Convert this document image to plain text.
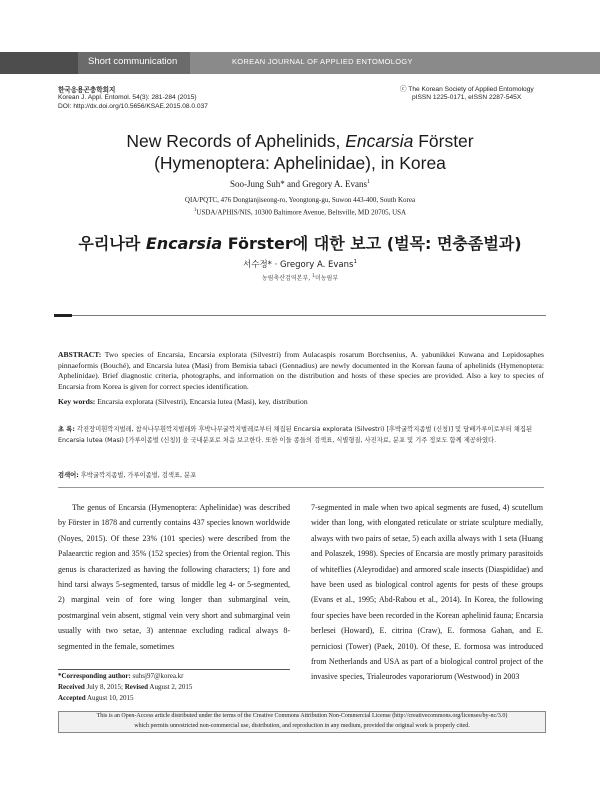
Short communication	KOREAN JOURNAL OF APPLIED ENTOMOLOGY
한국응용곤충학회지
Korean J. Appl. Entomol. 54(3): 281-284 (2015)
DOI: http://dx.doi.org/10.5656/KSAE.2015.08.0.037
ⓒ The Korean Society of Applied Entomology
pISSN 1225-0171, eISSN 2287-545X
New Records of Aphelinids, Encarsia Förster
(Hymenoptera: Aphelinidae), in Korea
Soo-Jung Suh* and Gregory A. Evans$^1$
QIA/PQTC, 476 Dongtanjiseong-ro, Yeongtong-gu, Suwon 443-400, South Korea
$^1$USDA/APHIS/NIS, 10300 Baltimore Avenue, Beltsville, MD 20705, USA
우리나라 Encarsia Förster에 대한 보고 (벌목: 면충좀벌과)
서수정* · Gregory A. Evans$^1$
농림축산검역본부, $^1$미농림부

ABSTRACT: Two species of Encarsia, Encarsia explorata (Silvestri) from Aulacaspis rosarum Borchsenius, A. yabunikkei Kuwana and Lepidosaphes pinnaeformis (Bouché), and Encarsia lutea (Masi) from Bemisia tabaci (Gennadius) are newly documented in the Korean fauna of aphelinids (Hymenoptera: Aphelinidae). Brief diagnostic criteria, photographs, and information on the distribution and hosts of these species are provided. Also a key to species of Encarsia from Korea is given for correct species identification.

Key words: Encarsia explorata (Silvestri), Encarsia lutea (Masi), key, distribution

초 록: 각진장미흰깍지벌레, 참식나무흰깍지벌레와 후박나무굴깍지벌레로부터 채집된 Encarsia explorata (Silvestri) [후박굴깍지좀벌 (신칭)] 및 담배가루이로부터 채집된 Encarsia lutea (Masi) [가루이좀벌 (신칭)] 을 국내분포로 처음 보고한다. 또한 이들 종들의 검색표, 식별형질, 사진자료, 분포 및 기주 정보도 함께 제공하였다.
검색어: 후박굴깍지좀벌, 가루이좀벌, 검색표, 분포
The genus of Encarsia (Hymenoptera: Aphelinidae) was described by Förster in 1878 and currently contains 437 species known worldwide (Noyes, 2015). Of these 23% (101 species) were described from the Palaearctic region and 35% (152 species) from the Oriental region. This genus is characterized as having the following characters; 1) fore and hind tarsi always 5-segmented, tarsus of middle leg 4- or 5-segmented, 2) marginal vein of fore wing longer than submarginal vein, postmarginal vein absent, stigmal vein very short and submarginal vein usually with two setae, 3) antennae excluding radical always 8-segmented in the female, sometimes
7-segmented in male when two apical segments are fused, 4) scutellum wider than long, with elongated reticulate or striate sculpture medially, always with two pairs of setae, 5) each axilla always with 1 seta (Huang and Polaszek, 1998). Species of Encarsia are mostly primary parasitoids of whiteflies (Aleyrodidae) and armored scale insects (Diaspididae) and have been used as biological control agents for pests of these groups (Evans et al., 1995; Abd-Rabou et al., 2014). In Korea, the following four species have been recorded in the Korean aphelinid fauna; Encarsia berlesei (Howard), E. citrina (Craw), E. formosa Gahan, and E. perniciosi (Tower) (Paek, 2010). Of these, E. formosa was introduced from Netherlands and USA as part of a biological control project of the invasive species, Trialeurodes vaporariorum (Westwood) in 2003
*Corresponding author: suhsj97@korea.kr
Received July 8, 2015; Revised August 2, 2015
Accepted August 10, 2015
This is an Open-Access article distributed under the terms of the Creative Commons Attribution Non-Commercial License (http://creativecommons.org/licenses/by-nc/3.0)
which permits unrestricted non-commercial use, distribution, and reproduction in any medium, provided the original work is properly cited.
